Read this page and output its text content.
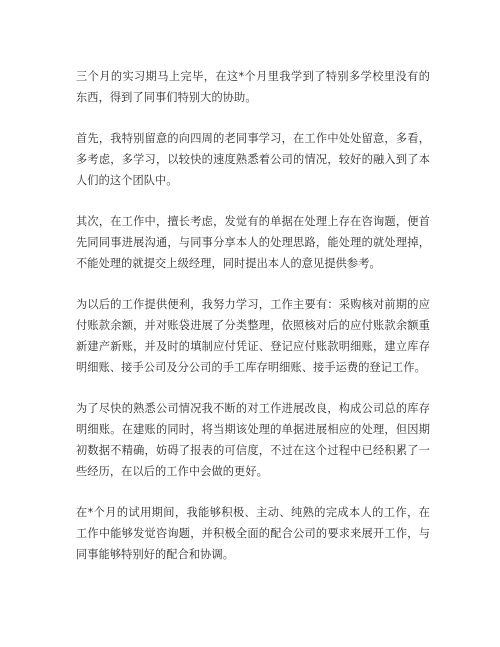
三个月的实习期马上完毕，在这*个月里我学到了特别多学校里没有的东西，得到了同事们特别大的协助。

首先，我特别留意的向四周的老同事学习，在工作中处处留意，多看，多考虑，多学习，以较快的速度熟悉着公司的情况，较好的融入到了本人们的这个团队中。

其次，在工作中，擅长考虑，发觉有的单据在处理上存在咨询题，便首先同同事进展沟通，与同事分享本人的处理思路，能处理的就处理掉，不能处理的就提交上级经理，同时提出本人的意见提供参考。

为以后的工作提供便利，我努力学习，工作主要有：采购核对前期的应付账款余额，并对账袋进展了分类整理，依照核对后的应付账款余额重新建产新账，并及时的填制应付凭证、登记应付账款明细账，建立库存明细账、接手公司及分公司的手工库存明细账、接手运费的登记工作。

为了尽快的熟悉公司情况我不断的对工作进展改良，构成公司总的库存明细账。在建账的同时，将当期该处理的单据进展相应的处理，但因期初数据不精确，妨碍了报表的可信度，不过在这个过程中已经积累了一些经历，在以后的工作中会做的更好。

在*个月的试用期间，我能够积极、主动、纯熟的完成本人的工作，在工作中能够发觉咨询题，并积极全面的配合公司的要求来展开工作，与同事能够特别好的配合和协调。
